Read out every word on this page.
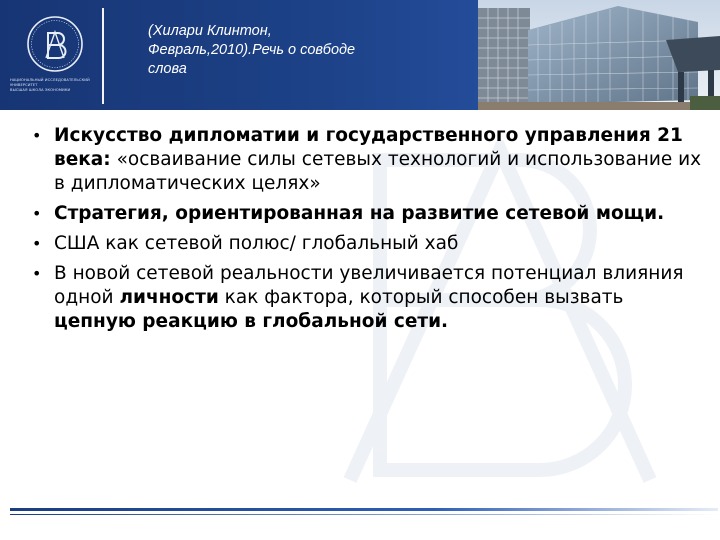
НАЦИОНАЛЬНЫЙ ИССЛЕДОВАТЕЛЬСКИЙ УНИВЕРСИТЕТ
ВЫСШАЯ ШКОЛА ЭКОНОМИКИ
(Хилари Клинтон,
Февраль,2010).Речь о совбоде
слова
• Искусство дипломатии и государственного управления 21 века: «осваивание силы сетевых технологий и использование их в дипломатических целях»
• Стратегия, ориентированная на развитие сетевой мощи.
• США как сетевой полюс/ глобальный хаб
• В новой сетевой реальности увеличивается потенциал влияния одной личности как фактора, который способен вызвать цепную реакцию в глобальной сети.
